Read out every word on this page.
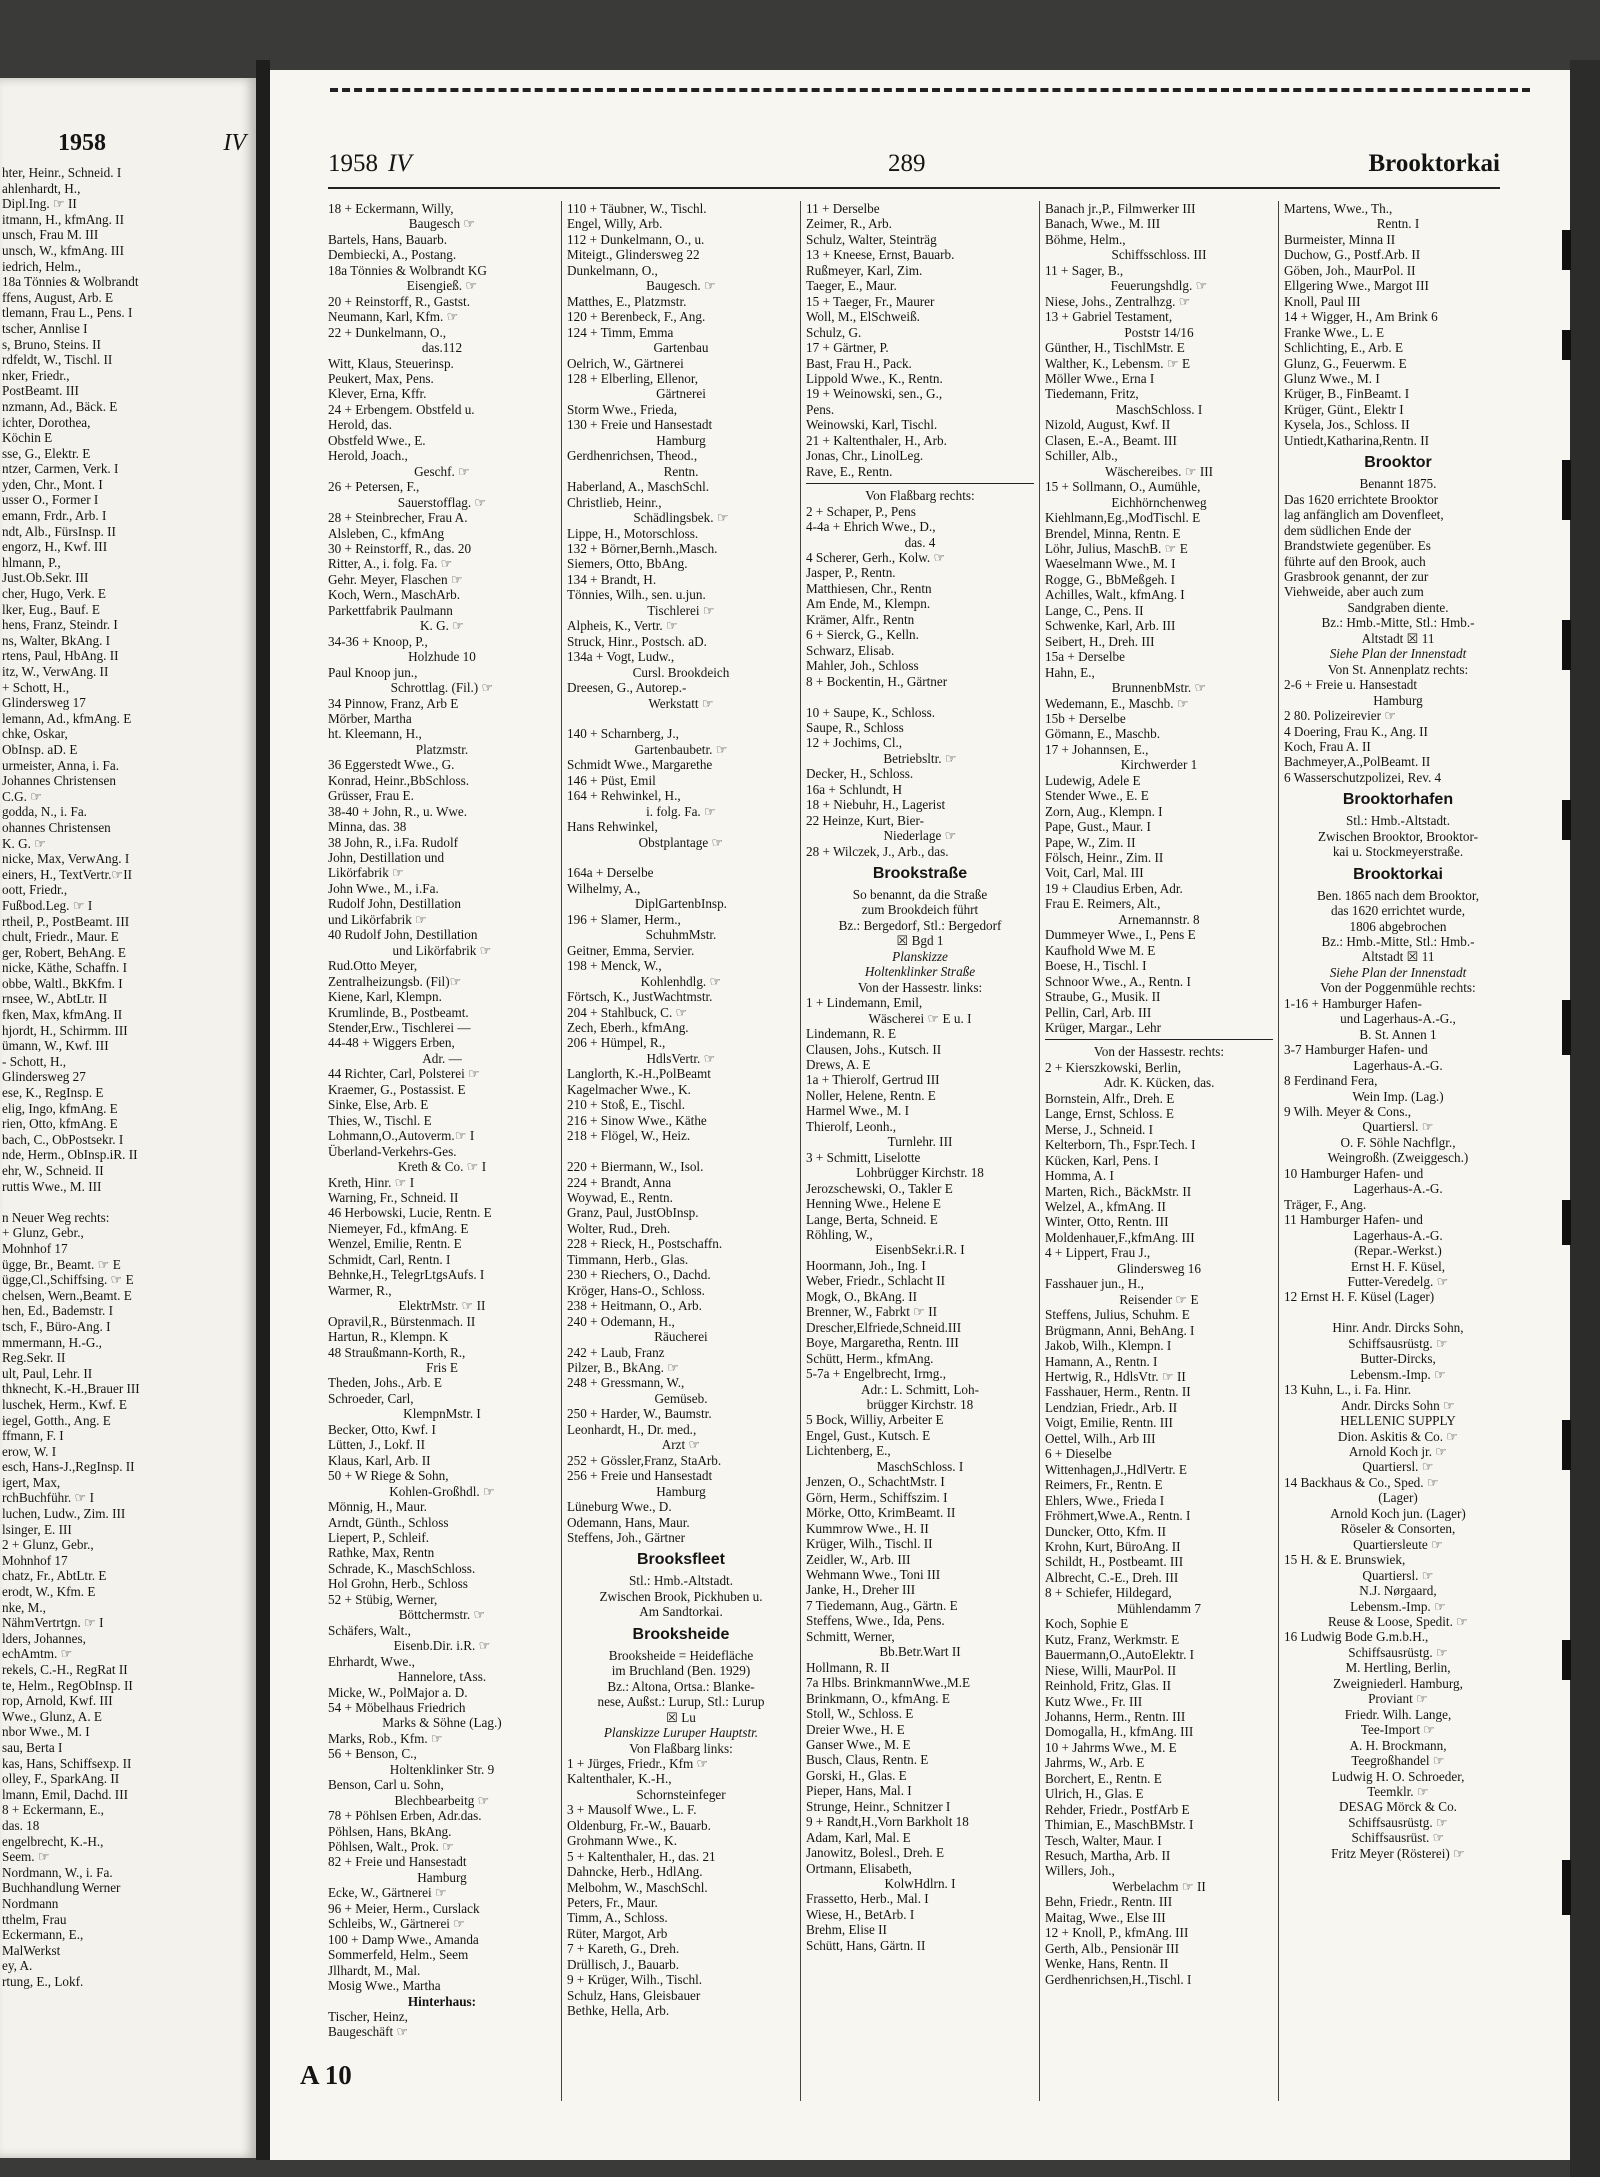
1958	IV
hter, Heinr., Schneid. I
ahlenhardt, H.,
Dipl.Ing. ☞ II
itmann, H., kfmAng. II
unsch, Frau M. III
unsch, W., kfmAng. III
iedrich, Helm.,
18a Tönnies & Wolbrandt
ffens, August, Arb. E
tlemann, Frau L., Pens. I
tscher, Annlise I
s, Bruno, Steins. II
rdfeldt, W., Tischl. II
nker, Friedr.,
PostBeamt. III
nzmann, Ad., Bäck. E
ichter, Dorothea,
Köchin E
sse, G., Elektr. E
ntzer, Carmen, Verk. I
yden, Chr., Mont. I
usser O., Former I
emann, Frdr., Arb. I
ndt, Alb., FürsInsp. II
engorz, H., Kwf. III
hlmann, P.,
Just.Ob.Sekr. III
cher, Hugo, Verk. E
lker, Eug., Bauf. E
hens, Franz, Steindr. I
ns, Walter, BkAng. I
rtens, Paul, HbAng. II
itz, W., VerwAng. II
+ Schott, H.,
Glindersweg 17
lemann, Ad., kfmAng. E
chke, Oskar,
ObInsp. aD. E
urmeister, Anna, i. Fa.
Johannes Christensen
C.G. ☞
godda, N., i. Fa.
ohannes Christensen
K. G. ☞
nicke, Max, VerwAng. I
einers, H., TextVertr.☞II
oott, Friedr.,
Fußbod.Leg. ☞ I
rtheil, P., PostBeamt. III
chult, Friedr., Maur. E
ger, Robert, BehAng. E
nicke, Käthe, Schaffn. I
obbe, Waltl., BkKfm. I
rnsee, W., AbtLtr. II
fken, Max, kfmAng. II
hjordt, H., Schirmm. III
ümann, W., Kwf. III
- Schott, H.,
Glindersweg 27
ese, K., RegInsp. E
elig, Ingo, kfmAng. E
rien, Otto, kfmAng. E
bach, C., ObPostsekr. I
nde, Herm., ObInsp.iR. II
ehr, W., Schneid. II
ruttis Wwe., M. III

n Neuer Weg rechts:
+ Glunz, Gebr.,
Mohnhof 17
ügge, Br., Beamt. ☞ E
ügge,Cl.,Schiffsing. ☞ E
chelsen, Wern.,Beamt. E
hen, Ed., Bademstr. I
tsch, F., Büro-Ang. I
mmermann, H.-G.,
Reg.Sekr. II
ult, Paul, Lehr. II
thknecht, K.-H.,Brauer III
luschek, Herm., Kwf. E
iegel, Gotth., Ang. E
ffmann, F. I
erow, W. I
esch, Hans-J.,RegInsp. II
igert, Max,
rchBuchführ. ☞ I
luchen, Ludw., Zim. III
lsinger, E. III
2 + Glunz, Gebr.,
Mohnhof 17
chatz, Fr., AbtLtr. E
erodt, W., Kfm. E
nke, M.,
NähmVertrtgn. ☞ I
lders, Johannes,
echAmtm. ☞
rekels, C.-H., RegRat II
te, Helm., RegObInsp. II
rop, Arnold, Kwf. III
Wwe., Glunz, A. E
nbor Wwe., M. I
sau, Berta I
kas, Hans, Schiffsexp. II
olley, F., SparkAng. II
lmann, Emil, Dachd. III
8 + Eckermann, E.,
das. 18
engelbrecht, K.-H.,
Seem. ☞
Nordmann, W., i. Fa.
Buchhandlung Werner
Nordmann
tthelm, Frau
Eckermann, E.,
MalWerkst
ey, A.
rtung, E., Lokf.
1958 IV	289	Brooktorkai
18 + Eckermann, Willy,
Baugesch ☞
Bartels, Hans, Bauarb.
Dembiecki, A., Postang.
18a Tönnies & Wolbrandt KG
Eisengieß. ☞
20 + Reinstorff, R., Gastst.
Neumann, Karl, Kfm. ☞
22 + Dunkelmann, O.,
das.112
Witt, Klaus, Steuerinsp.
Peukert, Max, Pens.
Klever, Erna, Kffr.
24 + Erbengem. Obstfeld u.
Herold, das.
Obstfeld Wwe., E.
Herold, Joach.,
Geschf. ☞
26 + Petersen, F.,
Sauerstofflag. ☞
28 + Steinbrecher, Frau A.
Alsleben, C., kfmAng
30 + Reinstorff, R., das. 20
Ritter, A., i. folg. Fa. ☞
Gehr. Meyer, Flaschen ☞
Koch, Wern., MaschArb.
Parkettfabrik Paulmann
K. G. ☞
34-36 + Knoop, P.,
Holzhude 10
Paul Knoop jun.,
Schrottlag. (Fil.) ☞
34 Pinnow, Franz, Arb E
Mörber, Martha
ht. Kleemann, H.,
Platzmstr.
36 Eggerstedt Wwe., G.
Konrad, Heinr.,BbSchloss.
Grüsser, Frau E.
38-40 + John, R., u. Wwe.
Minna, das. 38
38 John, R., i.Fa. Rudolf
John, Destillation und
Likörfabrik ☞
John Wwe., M., i.Fa.
Rudolf John, Destillation
und Likörfabrik ☞
40 Rudolf John, Destillation
und Likörfabrik ☞
Rud.Otto Meyer,
Zentralheizungsb. (Fil)☞
Kiene, Karl, Klempn.
Krumlinde, B., Postbeamt.
Stender,Erw., Tischlerei —
44-48 + Wiggers Erben,
Adr. —
44 Richter, Carl, Polsterei ☞
Kraemer, G., Postassist. E
Sinke, Else, Arb. E
Thies, W., Tischl. E
Lohmann,O.,Autoverm.☞ I
Überland-Verkehrs-Ges.
Kreth & Co. ☞ I
Kreth, Hinr. ☞ I
Warning, Fr., Schneid. II
46 Herbowski, Lucie, Rentn. E
Niemeyer, Fd., kfmAng. E
Wenzel, Emilie, Rentn. E
Schmidt, Carl, Rentn. I
Behnke,H., TelegrLtgsAufs. I
Warmer, R.,
ElektrMstr. ☞ II
Opravil,R., Bürstenmach. II
Hartun, R., Klempn. K
48 Straußmann-Korth, R.,
Fris E
Theden, Johs., Arb. E
Schroeder, Carl,
KlempnMstr. I
Becker, Otto, Kwf. I
Lütten, J., Lokf. II
Klaus, Karl, Arb. II
50 + W Riege & Sohn,
Kohlen-Großhdl. ☞
Mönnig, H., Maur.
Arndt, Günth., Schloss
Liepert, P., Schleif.
Rathke, Max, Rentn
Schrade, K., MaschSchloss.
Hol Grohn, Herb., Schloss
52 + Stübig, Werner,
Böttchermstr. ☞
Schäfers, Walt.,
Eisenb.Dir. i.R. ☞
Ehrhardt, Wwe.,
Hannelore, tAss.
Micke, W., PolMajor a. D.
54 + Möbelhaus Friedrich
Marks & Söhne (Lag.)
Marks, Rob., Kfm. ☞
56 + Benson, C.,
Holtenklinker Str. 9
Benson, Carl u. Sohn,
Blechbearbeitg ☞
78 + Pöhlsen Erben, Adr.das.
Pöhlsen, Hans, BkAng.
Pöhlsen, Walt., Prok. ☞
82 + Freie und Hansestadt
Hamburg
Ecke, W., Gärtnerei ☞
96 + Meier, Herm., Curslack
Schleibs, W., Gärtnerei ☞
100 + Damp Wwe., Amanda
Sommerfeld, Helm., Seem
Jllhardt, M., Mal.
Mosig Wwe., Martha
Hinterhaus:
Tischer, Heinz,
Baugeschäft ☞
110 + Täubner, W., Tischl.
Engel, Willy, Arb.
112 + Dunkelmann, O., u.
Miteigt., Glindersweg 22
Dunkelmann, O.,
Baugesch. ☞
Matthes, E., Platzmstr.
120 + Berenbeck, F., Ang.
124 + Timm, Emma
Gartenbau
Oelrich, W., Gärtnerei
128 + Elberling, Ellenor,
Gärtnerei
Storm Wwe., Frieda,
130 + Freie und Hansestadt
Hamburg
Gerdhenrichsen, Theod.,
Rentn.
Haberland, A., MaschSchl.
Christlieb, Heinr.,
Schädlingsbek. ☞
Lippe, H., Motorschloss.
132 + Börner,Bernh.,Masch.
Siemers, Otto, BbAng.
134 + Brandt, H.
Tönnies, Wilh., sen. u.jun.
Tischlerei ☞
Alpheis, K., Vertr. ☞
Struck, Hinr., Postsch. aD.
134a + Vogt, Ludw.,
Cursl. Brookdeich
Dreesen, G., Autorep.-
Werkstatt ☞

140 + Scharnberg, J.,
Gartenbaubetr. ☞
Schmidt Wwe., Margarethe
146 + Püst, Emil
164 + Rehwinkel, H.,
i. folg. Fa. ☞
Hans Rehwinkel,
Obstplantage ☞

164a + Derselbe
Wilhelmy, A.,
DiplGartenbInsp.
196 + Slamer, Herm.,
SchuhmMstr.
Geitner, Emma, Servier.
198 + Menck, W.,
Kohlenhdlg. ☞
Förtsch, K., JustWachtmstr.
204 + Stahlbuck, C. ☞
Zech, Eberh., kfmAng.
206 + Hümpel, R.,
HdlsVertr. ☞
Langlorth, K.-H.,PolBeamt
Kagelmacher Wwe., K.
210 + Stoß, E., Tischl.
216 + Sinow Wwe., Käthe
218 + Flögel, W., Heiz.

220 + Biermann, W., Isol.
224 + Brandt, Anna
Woywad, E., Rentn.
Granz, Paul, JustObInsp.
Wolter, Rud., Dreh.
228 + Rieck, H., Postschaffn.
Timmann, Herb., Glas.
230 + Riechers, O., Dachd.
Kröger, Hans-O., Schloss.
238 + Heitmann, O., Arb.
240 + Odemann, H.,
Räucherei
242 + Laub, Franz
Pilzer, B., BkAng. ☞
248 + Gressmann, W.,
Gemüseb.
250 + Harder, W., Baumstr.
Leonhardt, H., Dr. med.,
Arzt ☞
252 + Gössler,Franz, StaArb.
256 + Freie und Hansestadt
Hamburg
Lüneburg Wwe., D.
Odemann, Hans, Maur.
Steffens, Joh., Gärtner
Brooksfleet
Stl.: Hmb.-Altstadt.
Zwischen Brook, Pickhuben u.
Am Sandtorkai.
Brooksheide
Brooksheide = Heidefläche
im Bruchland (Ben. 1929)
Bz.: Altona, Ortsa.: Blanke-
nese, Außst.: Lurup, Stl.: Lurup
☒ Lu
Planskizze Luruper Hauptstr.
Von Flaßbarg links:
1 + Jürges, Friedr., Kfm ☞
Kaltenthaler, K.-H.,
Schornsteinfeger
3 + Mausolf Wwe., L. F.
Oldenburg, Fr.-W., Bauarb.
Grohmann Wwe., K.
5 + Kaltenthaler, H., das. 21
Dahncke, Herb., HdlAng.
Melbohm, W., MaschSchl.
Peters, Fr., Maur.
Timm, A., Schloss.
Rüter, Margot, Arb
7 + Kareth, G., Dreh.
Drüllisch, J., Bauarb.
9 + Krüger, Wilh., Tischl.
Schulz, Hans, Gleisbauer
Bethke, Hella, Arb.
11 + Derselbe
Zeimer, R., Arb.
Schulz, Walter, Steinträg
13 + Kneese, Ernst, Bauarb.
Rußmeyer, Karl, Zim.
Taeger, E., Maur.
15 + Taeger, Fr., Maurer
Woll, M., ElSchweiß.
Schulz, G.
17 + Gärtner, P.
Bast, Frau H., Pack.
Lippold Wwe., K., Rentn.
19 + Weinowski, sen., G.,
Pens.
Weinowski, Karl, Tischl.
21 + Kaltenthaler, H., Arb.
Jonas, Chr., LinolLeg.
Rave, E., Rentn.
Von Flaßbarg rechts:
2 + Schaper, P., Pens
4-4a + Ehrich Wwe., D.,
das. 4
4 Scherer, Gerh., Kolw. ☞
Jasper, P., Rentn.
Matthiesen, Chr., Rentn
Am Ende, M., Klempn.
Krämer, Alfr., Rentn
6 + Sierck, G., Kelln.
Schwarz, Elisab.
Mahler, Joh., Schloss
8 + Bockentin, H., Gärtner

10 + Saupe, K., Schloss.
Saupe, R., Schloss
12 + Jochims, Cl.,
Betriebsltr. ☞
Decker, H., Schloss.
16a + Schlundt, H
18 + Niebuhr, H., Lagerist
22 Heinze, Kurt, Bier-
Niederlage ☞
28 + Wilczek, J., Arb., das.
Brookstraße
So benannt, da die Straße
zum Brookdeich führt
Bz.: Bergedorf, Stl.: Bergedorf
☒ Bgd 1
Planskizze
Holtenklinker Straße
Von der Hassestr. links:
1 + Lindemann, Emil,
Wäscherei ☞ E u. I
Lindemann, R. E
Clausen, Johs., Kutsch. II
Drews, A. E
1a + Thierolf, Gertrud III
Noller, Helene, Rentn. E
Harmel Wwe., M. I
Thierolf, Leonh.,
Turnlehr. III
3 + Schmitt, Liselotte
Lohbrügger Kirchstr. 18
Jerozschewski, O., Takler E
Henning Wwe., Helene E
Lange, Berta, Schneid. E
Röhling, W.,
EisenbSekr.i.R. I
Hoormann, Joh., Ing. I
Weber, Friedr., Schlacht II
Mogk, O., BkAng. II
Brenner, W., Fabrkt ☞ II
Drescher,Elfriede,Schneid.III
Boye, Margaretha, Rentn. III
Schütt, Herm., kfmAng.
5-7a + Engelbrecht, Irmg.,
Adr.: L. Schmitt, Loh-
brügger Kirchstr. 18
5 Bock, Williy, Arbeiter E
Engel, Gust., Kutsch. E
Lichtenberg, E.,
MaschSchloss. I
Jenzen, O., SchachtMstr. I
Görn, Herm., Schiffszim. I
Mörke, Otto, KrimBeamt. II
Kummrow Wwe., H. II
Krüger, Wilh., Tischl. II
Zeidler, W., Arb. III
Wehmann Wwe., Toni III
Janke, H., Dreher III
7 Tiedemann, Aug., Gärtn. E
Steffens, Wwe., Ida, Pens.
Schmitt, Werner,
Bb.Betr.Wart II
Hollmann, R. II
7a Hlbs. BrinkmannWwe.,M.E
Brinkmann, O., kfmAng. E
Stoll, W., Schloss. E
Dreier Wwe., H. E
Ganser Wwe., M. E
Busch, Claus, Rentn. E
Gorski, H., Glas. E
Pieper, Hans, Mal. I
Strunge, Heinr., Schnitzer I
9 + Randt,H.,Vorn Barkholt 18
Adam, Karl, Mal. E
Janowitz, Bolesl., Dreh. E
Ortmann, Elisabeth,
KolwHdlrn. I
Frassetto, Herb., Mal. I
Wiese, H., BetArb. I
Brehm, Elise II
Schütt, Hans, Gärtn. II
Banach jr.,P., Filmwerker III
Banach, Wwe., M. III
Böhme, Helm.,
Schiffsschloss. III
11 + Sager, B.,
Feuerungshdlg. ☞
Niese, Johs., Zentralhzg. ☞
13 + Gabriel Testament,
Poststr 14/16
Günther, H., TischlMstr. E
Walther, K., Lebensm. ☞ E
Möller Wwe., Erna I
Tiedemann, Fritz,
MaschSchloss. I
Nizold, August, Kwf. II
Clasen, E.-A., Beamt. III
Schiller, Alb.,
Wäschereibes. ☞ III
15 + Sollmann, O., Aumühle,
Eichhörnchenweg
Kiehlmann,Eg.,ModTischl. E
Brendel, Minna, Rentn. E
Löhr, Julius, MaschB. ☞ E
Waeselmann Wwe., M. I
Rogge, G., BbMeßgeh. I
Achilles, Walt., kfmAng. I
Lange, C., Pens. II
Schwenke, Karl, Arb. III
Seibert, H., Dreh. III
15a + Derselbe
Hahn, E.,
BrunnenbMstr. ☞
Wedemann, E., Maschb. ☞
15b + Derselbe
Gömann, E., Maschb.
17 + Johannsen, E.,
Kirchwerder 1
Ludewig, Adele E
Stender Wwe., E. E
Zorn, Aug., Klempn. I
Pape, Gust., Maur. I
Pape, W., Zim. II
Fölsch, Heinr., Zim. II
Voit, Carl, Mal. III
19 + Claudius Erben, Adr.
Frau E. Reimers, Alt.,
Arnemannstr. 8
Dummeyer Wwe., I., Pens E
Kaufhold Wwe M. E
Boese, H., Tischl. I
Schnoor Wwe., A., Rentn. I
Straube, G., Musik. II
Pellin, Carl, Arb. III
Krüger, Margar., Lehr
Von der Hassestr. rechts:
2 + Kierszkowski, Berlin,
Adr. K. Kücken, das.
Bornstein, Alfr., Dreh. E
Lange, Ernst, Schloss. E
Merse, J., Schneid. I
Kelterborn, Th., Fspr.Tech. I
Kücken, Karl, Pens. I
Homma, A. I
Marten, Rich., BäckMstr. II
Welzel, A., kfmAng. II
Winter, Otto, Rentn. III
Moldenhauer,F.,kfmAng. III
4 + Lippert, Frau J.,
Glindersweg 16
Fasshauer jun., H.,
Reisender ☞ E
Steffens, Julius, Schuhm. E
Brügmann, Anni, BehAng. I
Jakob, Wilh., Klempn. I
Hamann, A., Rentn. I
Hertwig, R., HdlsVtr. ☞ II
Fasshauer, Herm., Rentn. II
Lendzian, Friedr., Arb. II
Voigt, Emilie, Rentn. III
Oettel, Wilh., Arb III
6 + Dieselbe
Wittenhagen,J.,HdlVertr. E
Reimers, Fr., Rentn. E
Ehlers, Wwe., Frieda I
Fröhmert,Wwe.A., Rentn. I
Duncker, Otto, Kfm. II
Krohn, Kurt, BüroAng. II
Schildt, H., Postbeamt. III
Albrecht, C.-E., Dreh. III
8 + Schiefer, Hildegard,
Mühlendamm 7
Koch, Sophie E
Kutz, Franz, Werkmstr. E
Bauermann,O.,AutoElektr. I
Niese, Willi, MaurPol. II
Reinhold, Fritz, Glas. II
Kutz Wwe., Fr. III
Johanns, Herm., Rentn. III
Domogalla, H., kfmAng. III
10 + Jahrms Wwe., M. E
Jahrms, W., Arb. E
Borchert, E., Rentn. E
Ulrich, H., Glas. E
Rehder, Friedr., PostfArb E
Thimian, E., MaschBMstr. I
Tesch, Walter, Maur. I
Resuch, Martha, Arb. II
Willers, Joh.,
Werbelachm ☞ II
Behn, Friedr., Rentn. III
Maitag, Wwe., Else III
12 + Knoll, P., kfmAng. III
Gerth, Alb., Pensionär III
Wenke, Hans, Rentn. II
Gerdhenrichsen,H.,Tischl. I
Martens, Wwe., Th.,
Rentn. I
Burmeister, Minna II
Duchow, G., Postf.Arb. II
Göben, Joh., MaurPol. II
Ellgering Wwe., Margot III
Knoll, Paul III
14 + Wigger, H., Am Brink 6
Franke Wwe., L. E
Schlichting, E., Arb. E
Glunz, G., Feuerwm. E
Glunz Wwe., M. I
Krüger, B., FinBeamt. I
Krüger, Günt., Elektr I
Kysela, Jos., Schloss. II
Untiedt,Katharina,Rentn. II
Brooktor
Benannt 1875.
Das 1620 errichtete Brooktor
lag anfänglich am Dovenfleet,
dem südlichen Ende der
Brandstwiete gegenüber. Es
führte auf den Brook, auch
Grasbrook genannt, der zur
Viehweide, aber auch zum
Sandgraben diente.
Bz.: Hmb.-Mitte, Stl.: Hmb.-
Altstadt ☒ 11
Siehe Plan der Innenstadt
Von St. Annenplatz rechts:
2-6 + Freie u. Hansestadt
Hamburg
2 80. Polizeirevier ☞
4 Doering, Frau K., Ang. II
Koch, Frau A. II
Bachmeyer,A.,PolBeamt. II
6 Wasserschutzpolizei, Rev. 4
Brooktorhafen
Stl.: Hmb.-Altstadt.
Zwischen Brooktor, Brooktor-
kai u. Stockmeyerstraße.
Brooktorkai
Ben. 1865 nach dem Brooktor,
das 1620 errichtet wurde,
1806 abgebrochen
Bz.: Hmb.-Mitte, Stl.: Hmb.-
Altstadt ☒ 11
Siehe Plan der Innenstadt
Von der Poggenmühle rechts:
1-16 + Hamburger Hafen-
und Lagerhaus-A.-G.,
B. St. Annen 1
3-7 Hamburger Hafen- und
Lagerhaus-A.-G.
8 Ferdinand Fera,
Wein Imp. (Lag.)
9 Wilh. Meyer & Cons.,
Quartiersl. ☞
O. F. Söhle Nachflgr.,
Weingroßh. (Zweiggesch.)
10 Hamburger Hafen- und
Lagerhaus-A.-G.
Träger, F., Ang.
11 Hamburger Hafen- und
Lagerhaus-A.-G.
(Repar.-Werkst.)
Ernst H. F. Küsel,
Futter-Veredelg. ☞
12 Ernst H. F. Küsel (Lager)

Hinr. Andr. Dircks Sohn,
Schiffsausrüstg. ☞
Butter-Dircks,
Lebensm.-Imp. ☞
13 Kuhn, L., i. Fa. Hinr.
Andr. Dircks Sohn ☞
HELLENIC SUPPLY
Dion. Askitis & Co. ☞
Arnold Koch jr. ☞
Quartiersl. ☞
14 Backhaus & Co., Sped. ☞
(Lager)
Arnold Koch jun. (Lager)
Röseler & Consorten,
Quartiersleute ☞
15 H. & E. Brunswiek,
Quartiersl. ☞
N.J. Nørgaard,
Lebensm.-Imp. ☞
Reuse & Loose, Spedit. ☞
16 Ludwig Bode G.m.b.H.,
Schiffsausrüstg. ☞
M. Hertling, Berlin,
Zweigniederl. Hamburg,
Proviant ☞
Friedr. Wilh. Lange,
Tee-Import ☞
A. H. Brockmann,
Teegroßhandel ☞
Ludwig H. O. Schroeder,
Teemklr. ☞
DESAG Mörck & Co.
Schiffsausrüstg. ☞
Schiffsausrüst. ☞
Fritz Meyer (Rösterei) ☞
A 10
